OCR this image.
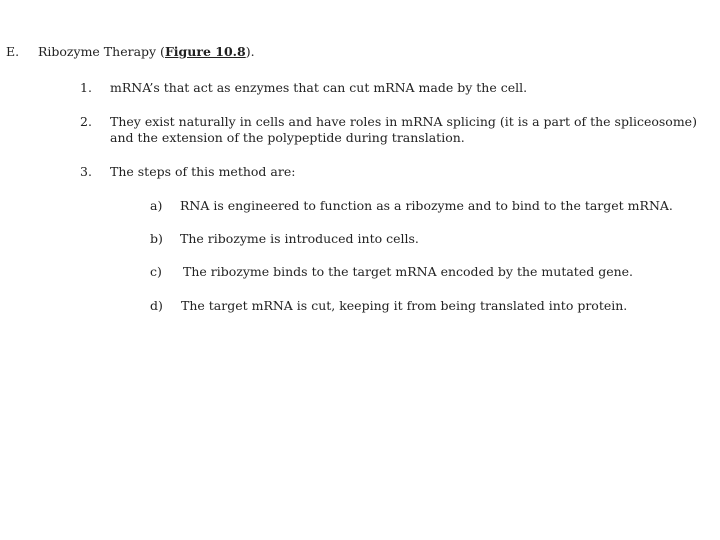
E. Ribozyme Therapy (Figure 10.8).
1. mRNA’s that act as enzymes that can cut mRNA made by the cell.
2. They exist naturally in cells and have roles in mRNA splicing (it is a part of the spliceosome) and the extension of the polypeptide during translation.
3. The steps of this method are:
a) RNA is engineered to function as a ribozyme and to bind to the target mRNA.
b) The ribozyme is introduced into cells.
c) The ribozyme binds to the target mRNA encoded by the mutated gene.
d) The target mRNA is cut, keeping it from being translated into protein.
